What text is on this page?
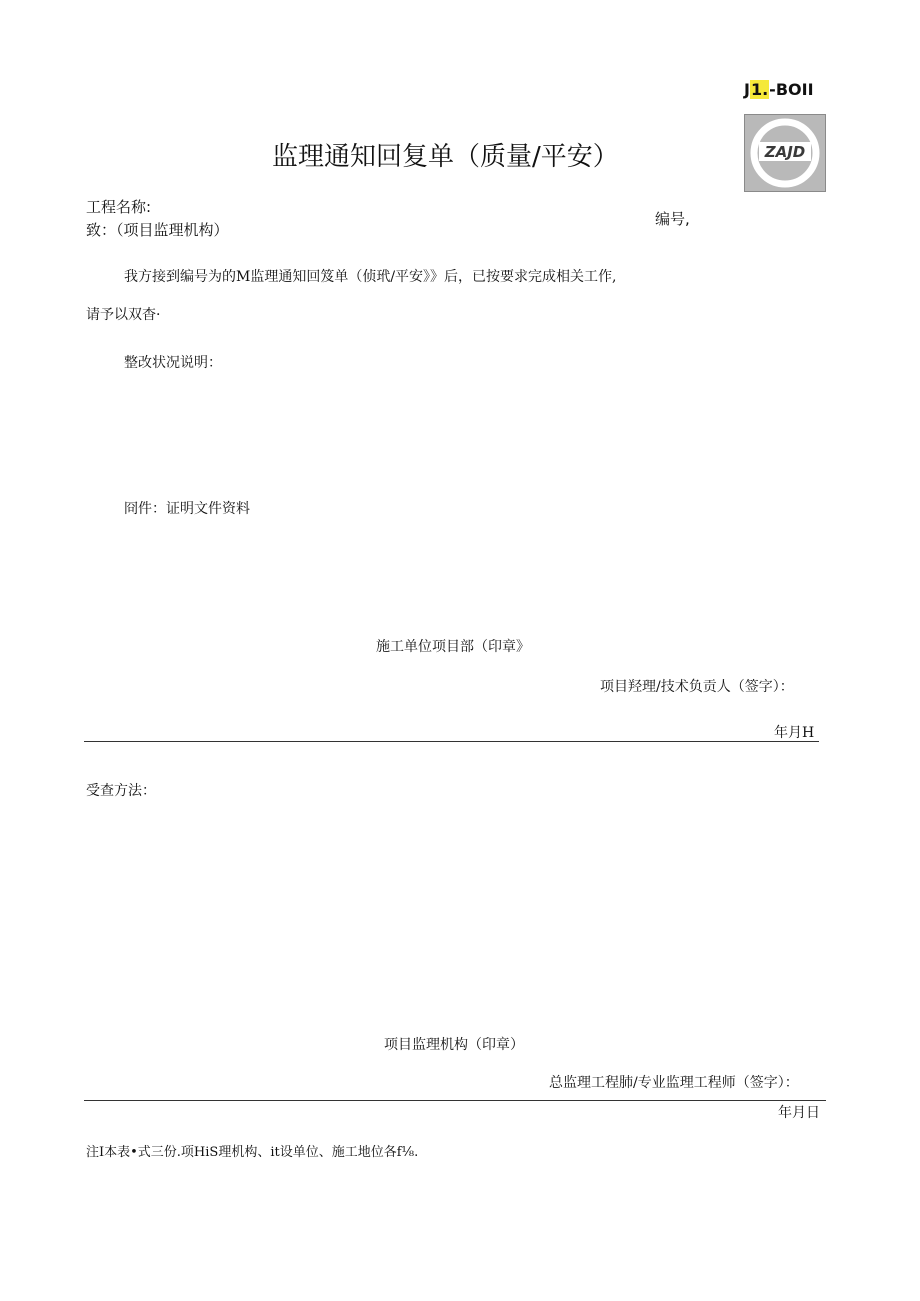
J1.-BOII
ZAJD
监理通知回复单（质量/平安）
工程名称:
致：（项目监理机构）
编号,
我方接到编号为的M监理通知回笈单（侦玳/平安》》后，已按要求完成相关工作,
请予以双杳·
整改状况说明：
冏件：证明文件资料
施工单位项目部（印章》
项目羟理/技术负贡人（签字）：
年月H
受查方法：
项目监理机构（印章）
总监理工程肺/专业监理工程师（签字）：
年月日
注I本表•式三份.项HiS理机构、it设单位、施工地位各f⅛.
